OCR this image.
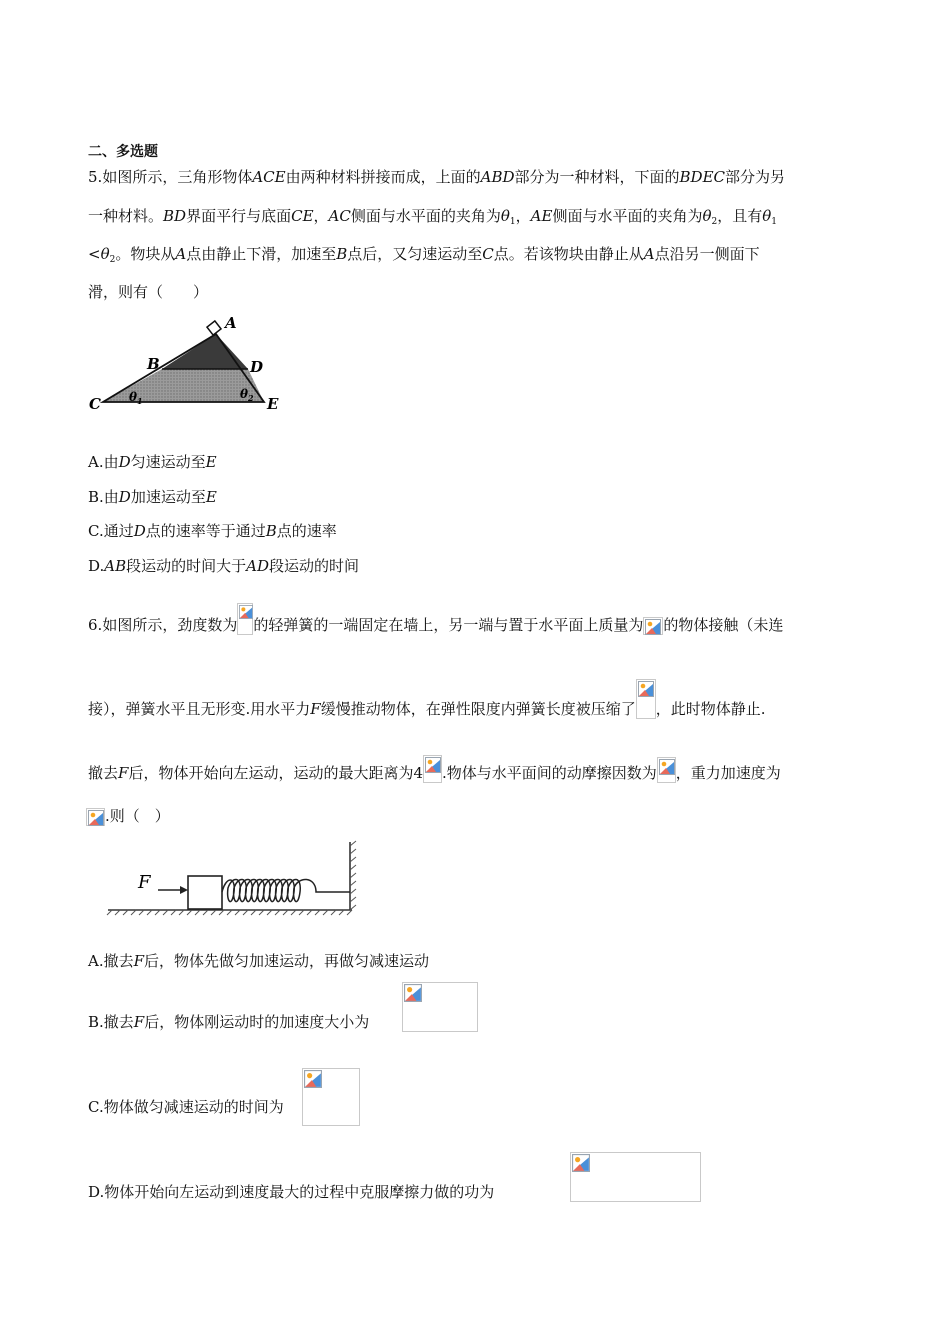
二、多选题
5.如图所示，三角形物体ACE由两种材料拼接而成，上面的ABD部分为一种材料，下面的BDEC部分为另
一种材料。BD界面平行与底面CE，AC侧面与水平面的夹角为$\theta_1$，AE侧面与水平面的夹角为$\theta_2$，且有$\theta_1$
$<\theta_2$。物块从A点由静止下滑，加速至B点后，又匀速运动至C点。若该物块由静止从A点沿另一侧面下
滑，则有（　　）
A
B
C
D
E
$\theta_1$	$\theta_2$
A.由D匀速运动至E
B.由D加速运动至E
C.通过D点的速率等于通过B点的速率
D.AB段运动的时间大于AD段运动的时间
6.如图所示，劲度数为 的轻弹簧的一端固定在墙上，另一端与置于水平面上质量为 的物体接触（未连
接），弹簧水平且无形变.用水平力F缓慢推动物体，在弹性限度内弹簧长度被压缩了 ，此时物体静止.
撤去F后，物体开始向左运动，运动的最大距离为4 .物体与水平面间的动摩擦因数为 ，重力加速度为
.则（　）
F
A.撤去F后，物体先做匀加速运动，再做匀减速运动
B.撤去F后，物体刚运动时的加速度大小为
C.物体做匀减速运动的时间为
D.物体开始向左运动到速度最大的过程中克服摩擦力做的功为
